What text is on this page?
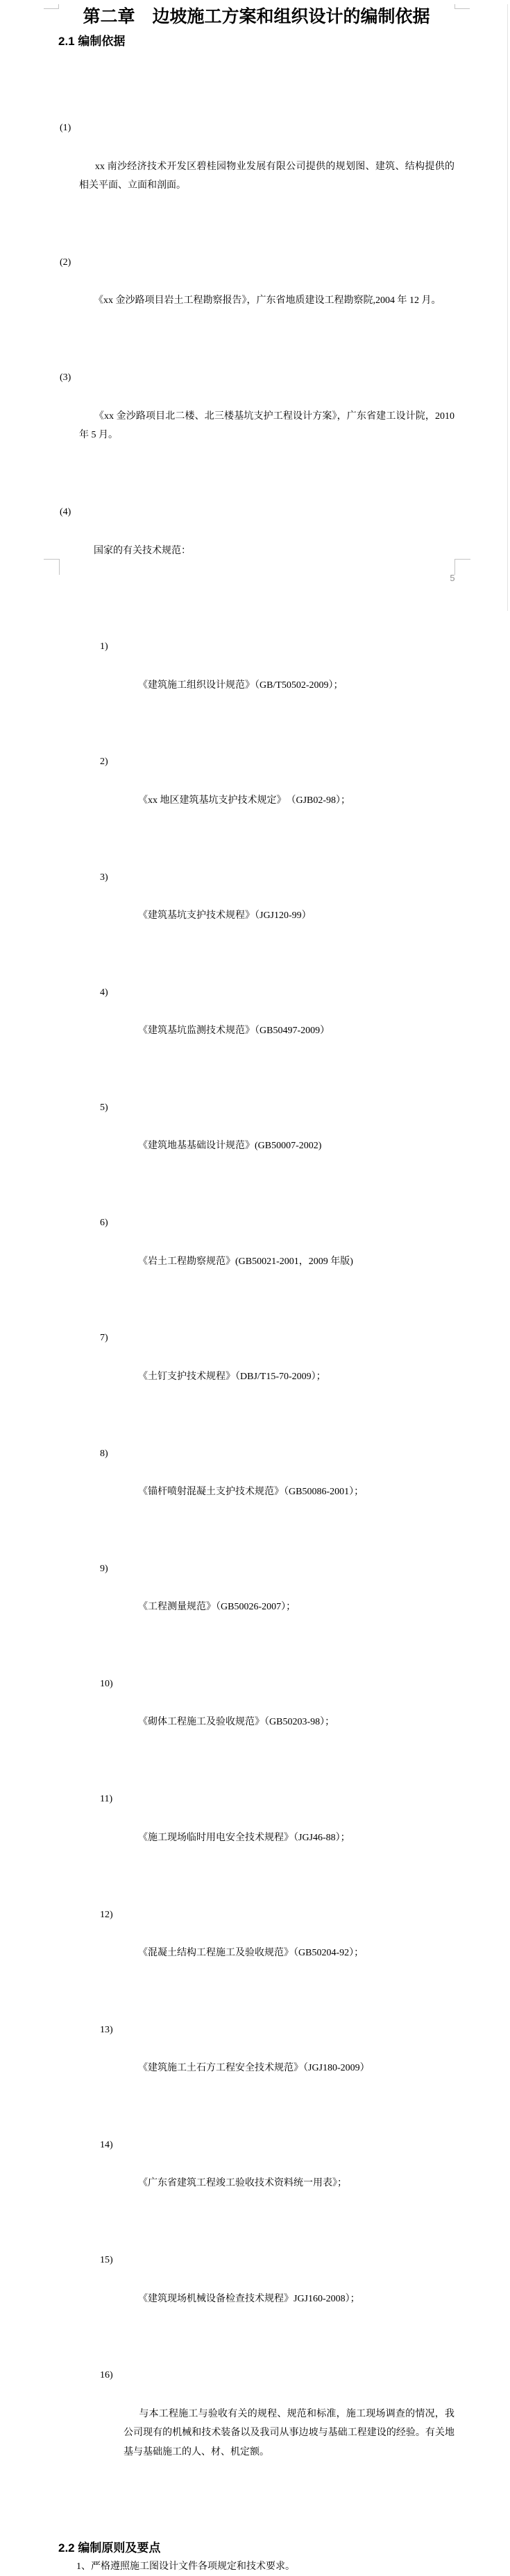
第二章　边坡施工方案和组织设计的编制依据
2.1 编制依据

(1)

xx 南沙经济技术开发区碧桂园物业发展有限公司提供的规划图、建筑、结构提供的相关平面、立面和剖面。

(2)

《xx 金沙路项目岩土工程勘察报告》，广东省地质建设工程勘察院,2004 年 12 月。

(3)

《xx 金沙路项目北二楼、北三楼基坑支护工程设计方案》，广东省建工设计院，2010 年 5 月。

(4)

国家的有关技术规范：

1)

《建筑施工组织设计规范》（GB/T50502-2009）；

2)

《xx 地区建筑基坑支护技术规定》　（GJB02-98）；

3)

《建筑基坑支护技术规程》（JGJ120-99）

4)

《建筑基坑监测技术规范》（GB50497-2009）

5)

《建筑地基基础设计规范》(GB50007-2002)

6)

《岩土工程勘察规范》(GB50021-2001，2009 年版)

7)

《土钉支护技术规程》（DBJ/T15-70-2009）；

8)

《锚杆喷射混凝土支护技术规范》（GB50086-2001）；

9)

《工程测量规范》（GB50026-2007）；

10)

《砌体工程施工及验收规范》（GB50203-98）；

11)

《施工现场临时用电安全技术规程》（JGJ46-88）；

12)

《混凝土结构工程施工及验收规范》（GB50204-92）；

13)

《建筑施工土石方工程安全技术规范》（JGJ180-2009）

14)

《广东省建筑工程竣工验收技术资料统一用表》；

15)

《建筑现场机械设备检查技术规程》JGJ160-2008）；

16)

与本工程施工与验收有关的规程、规范和标准，施工现场调查的情况，我公司现有的机械和技术装备以及我司从事边坡与基础工程建设的经验。有关地基与基础施工的人、材、机定额。

2.2 编制原则及要点
1、严格遵照施工图设计文件各项规定和技术要求。
5
